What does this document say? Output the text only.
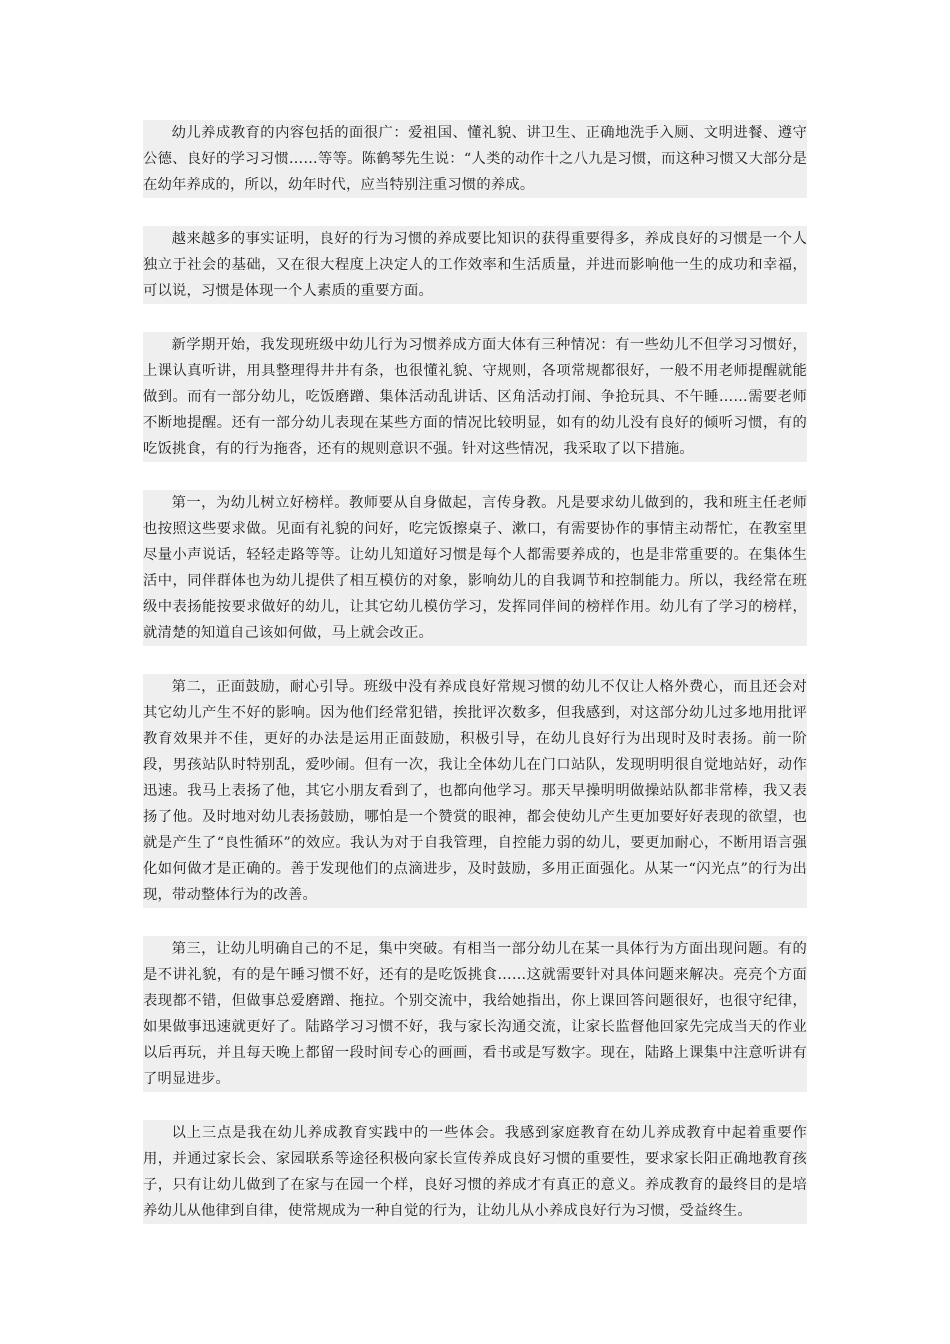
幼儿养成教育的内容包括的面很广：爱祖国、懂礼貌、讲卫生、正确地洗手入厕、文明进餐、遵守公德、良好的学习习惯……等等。陈鹤琴先生说：“人类的动作十之八九是习惯，而这种习惯又大部分是在幼年养成的，所以，幼年时代，应当特别注重习惯的养成。

越来越多的事实证明，良好的行为习惯的养成要比知识的获得重要得多，养成良好的习惯是一个人独立于社会的基础，又在很大程度上决定人的工作效率和生活质量，并进而影响他一生的成功和幸福，可以说，习惯是体现一个人素质的重要方面。

新学期开始，我发现班级中幼儿行为习惯养成方面大体有三种情况：有一些幼儿不但学习习惯好，上课认真听讲，用具整理得井井有条，也很懂礼貌、守规则，各项常规都很好，一般不用老师提醒就能做到。而有一部分幼儿，吃饭磨蹭、集体活动乱讲话、区角活动打闹、争抢玩具、不午睡……需要老师不断地提醒。还有一部分幼儿表现在某些方面的情况比较明显，如有的幼儿没有良好的倾听习惯，有的吃饭挑食，有的行为拖沓，还有的规则意识不强。针对这些情况，我采取了以下措施。

第一，为幼儿树立好榜样。教师要从自身做起，言传身教。凡是要求幼儿做到的，我和班主任老师也按照这些要求做。见面有礼貌的问好，吃完饭擦桌子、漱口，有需要协作的事情主动帮忙，在教室里尽量小声说话，轻轻走路等等。让幼儿知道好习惯是每个人都需要养成的，也是非常重要的。在集体生活中，同伴群体也为幼儿提供了相互模仿的对象，影响幼儿的自我调节和控制能力。所以，我经常在班级中表扬能按要求做好的幼儿，让其它幼儿模仿学习，发挥同伴间的榜样作用。幼儿有了学习的榜样，就清楚的知道自己该如何做，马上就会改正。

第二，正面鼓励，耐心引导。班级中没有养成良好常规习惯的幼儿不仅让人格外费心，而且还会对其它幼儿产生不好的影响。因为他们经常犯错，挨批评次数多，但我感到，对这部分幼儿过多地用批评教育效果并不佳，更好的办法是运用正面鼓励，积极引导，在幼儿良好行为出现时及时表扬。前一阶段，男孩站队时特别乱，爱吵闹。但有一次，我让全体幼儿在门口站队，发现明明很自觉地站好，动作迅速。我马上表扬了他，其它小朋友看到了，也都向他学习。那天早操明明做操站队都非常棒，我又表扬了他。及时地对幼儿表扬鼓励，哪怕是一个赞赏的眼神，都会使幼儿产生更加要好好表现的欲望，也就是产生了“良性循环”的效应。我认为对于自我管理，自控能力弱的幼儿，要更加耐心，不断用语言强化如何做才是正确的。善于发现他们的点滴进步，及时鼓励，多用正面强化。从某一“闪光点”的行为出现，带动整体行为的改善。

第三，让幼儿明确自己的不足，集中突破。有相当一部分幼儿在某一具体行为方面出现问题。有的是不讲礼貌，有的是午睡习惯不好，还有的是吃饭挑食……这就需要针对具体问题来解决。亮亮个方面表现都不错，但做事总爱磨蹭、拖拉。个别交流中，我给她指出，你上课回答问题很好，也很守纪律，如果做事迅速就更好了。陆路学习习惯不好，我与家长沟通交流，让家长监督他回家先完成当天的作业以后再玩，并且每天晚上都留一段时间专心的画画，看书或是写数字。现在，陆路上课集中注意听讲有了明显进步。

以上三点是我在幼儿养成教育实践中的一些体会。我感到家庭教育在幼儿养成教育中起着重要作用，并通过家长会、家园联系等途径积极向家长宣传养成良好习惯的重要性，要求家长阳正确地教育孩子，只有让幼儿做到了在家与在园一个样，良好习惯的养成才有真正的意义。养成教育的最终目的是培养幼儿从他律到自律，使常规成为一种自觉的行为，让幼儿从小养成良好行为习惯，受益终生。
